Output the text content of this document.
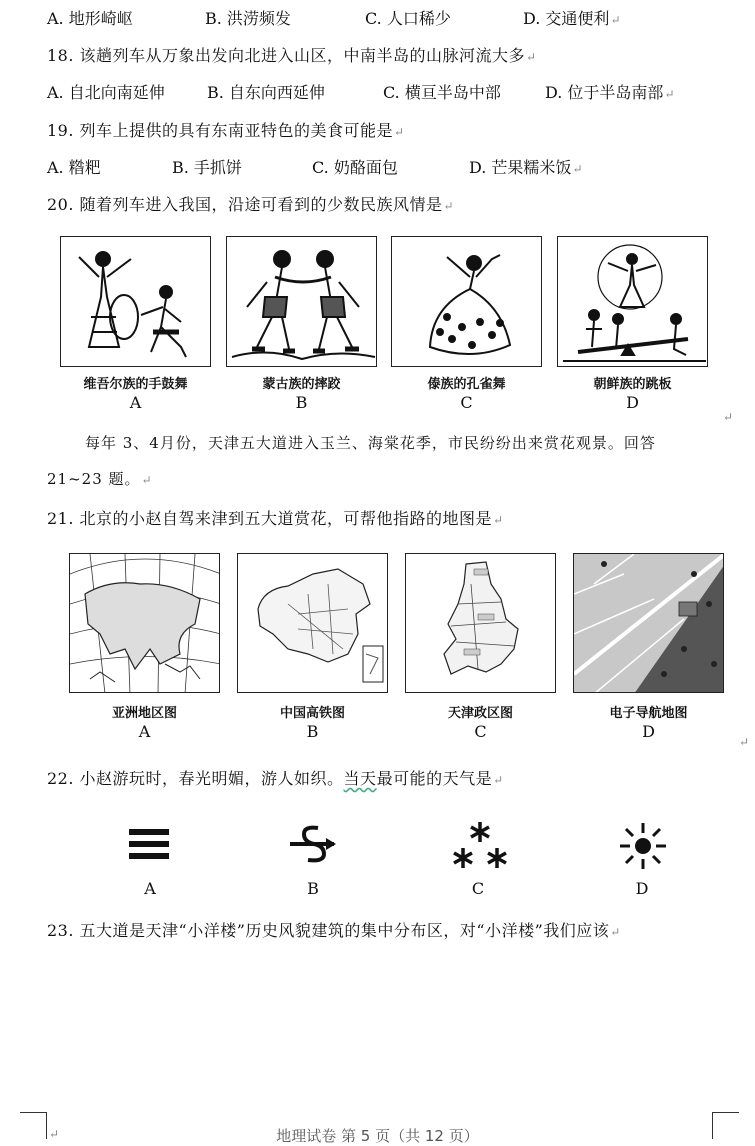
A. 地形崎岖	B. 洪涝频发	C. 人口稀少	D. 交通便利↵
18. 该趟列车从万象出发向北进入山区，中南半岛的山脉河流大多↵
A. 自北向南延伸	B. 自东向西延伸	C. 横亘半岛中部	D. 位于半岛南部↵
19. 列车上提供的具有东南亚特色的美食可能是↵
A. 糌粑	B. 手抓饼	C. 奶酪面包	D. 芒果糯米饭↵
20. 随着列车进入我国，沿途可看到的少数民族风情是↵
维吾尔族的手鼓舞	蒙古族的摔跤	傣族的孔雀舞	朝鲜族的跳板
A	B	C	D
↵
每年 3、4月份，天津五大道进入玉兰、海棠花季，市民纷纷出来赏花观景。回答
21~23 题。↵
21. 北京的小赵自驾来津到五大道赏花，可帮他指路的地图是↵
亚洲地区图	中国高铁图	天津政区图	电子导航地图
A	B	C	D
↵
22. 小赵游玩时，春光明媚，游人如织。当天最可能的天气是↵
A	B	C	D
23. 五大道是天津“小洋楼”历史风貌建筑的集中分布区，对“小洋楼”我们应该↵
↵	地理试卷 第 5 页（共 12 页）
